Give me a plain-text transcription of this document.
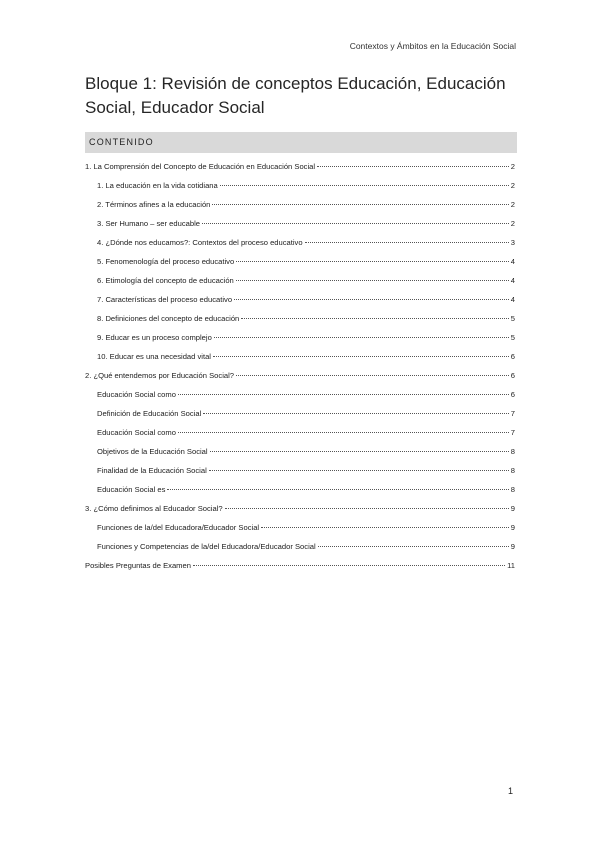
Contextos y Ámbitos en la Educación Social
Bloque 1: Revisión de conceptos Educación, Educación Social, Educador Social
CONTENIDO
1. La Comprensión del Concepto de Educación en Educación Social	2
1. La educación en la vida cotidiana	2
2. Términos afines a la educación	2
3. Ser Humano – ser educable	2
4. ¿Dónde nos educamos?: Contextos del proceso educativo	3
5. Fenomenología del proceso educativo	4
6. Etimología del concepto de educación	4
7. Características del proceso educativo	4
8. Definiciones del concepto de educación	5
9. Educar es un proceso complejo	5
10. Educar es una necesidad vital	6
2. ¿Qué entendemos por Educación Social?	6
Educación Social como	6
Definición de Educación Social	7
Educación Social como	7
Objetivos de la Educación Social	8
Finalidad de la Educación Social	8
Educación Social es	8
3. ¿Cómo definimos al Educador Social?	9
Funciones de la/del Educadora/Educador Social	9
Funciones y Competencias de la/del Educadora/Educador Social	9
Posibles Preguntas de Examen	11
1
